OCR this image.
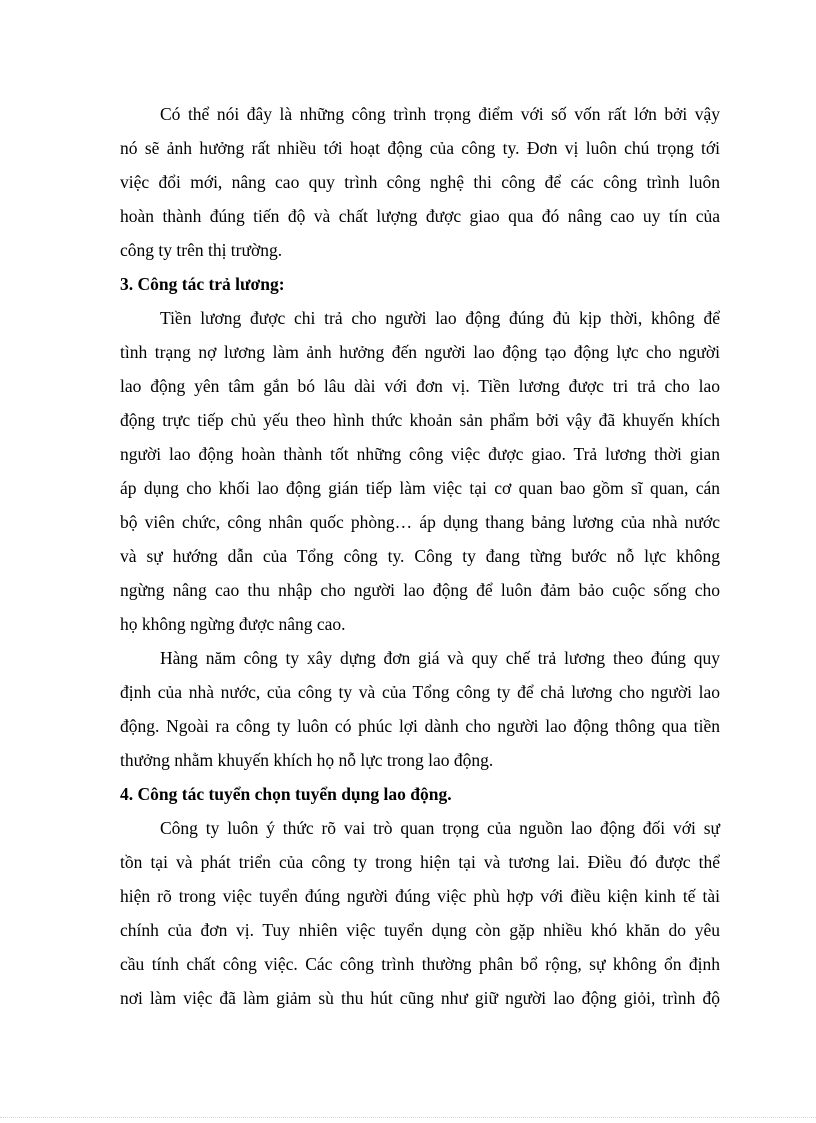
Có thể nói đây là những công trình trọng điểm với số vốn rất lớn bởi vậy
nó sẽ ảnh hưởng rất nhiều tới hoạt động của công ty. Đơn vị luôn chú trọng tới
việc đổi mới, nâng cao quy trình công nghệ thi công để các công trình luôn
hoàn thành đúng tiến độ và chất lượng được giao qua đó nâng cao uy tín của
công ty trên thị trường.
3. Công tác trả lương:
Tiền lương được chi trả cho người lao động đúng đủ kịp thời, không để
tình trạng nợ lương làm ảnh hưởng đến người lao động tạo động lực cho người
lao động yên tâm gắn bó lâu dài với đơn vị. Tiền lương được tri trả cho lao
động trực tiếp chủ yếu theo hình thức khoản sản phẩm bởi vậy đã khuyến khích
người lao động hoàn thành tốt những công việc được giao. Trả lương thời gian
áp dụng cho khối lao động gián tiếp làm việc tại cơ quan bao gồm sĩ quan, cán
bộ viên chức, công nhân quốc phòng… áp dụng thang bảng lương của nhà nước
và sự hướng dẫn của Tổng công ty. Công ty đang từng bước nỗ lực không
ngừng nâng cao thu nhập cho người lao động để luôn đảm bảo cuộc sống cho
họ không ngừng được nâng cao.
Hàng năm công ty xây dựng đơn giá và quy chế trả lương theo đúng quy
định của nhà nước, của công ty và của Tổng công ty để chả lương cho người lao
động. Ngoài ra công ty luôn có phúc lợi dành cho người lao động thông qua tiền
thưởng nhằm khuyến khích họ nỗ lực trong lao động.
4. Công tác tuyển chọn tuyển dụng lao động.
Công ty luôn ý thức rõ vai trò quan trọng của nguồn lao động đối với sự
tồn tại và phát triển của công ty trong hiện tại và tương lai. Điều đó được thể
hiện rõ trong việc tuyển đúng người đúng việc phù hợp với điều kiện kinh tế tài
chính của đơn vị. Tuy nhiên việc tuyển dụng còn gặp nhiều khó khăn do yêu
cầu tính chất công việc. Các công trình thường phân bổ rộng, sự không ổn định
nơi làm việc đã làm giảm sù thu hút cũng như giữ người lao động giỏi, trình độ
